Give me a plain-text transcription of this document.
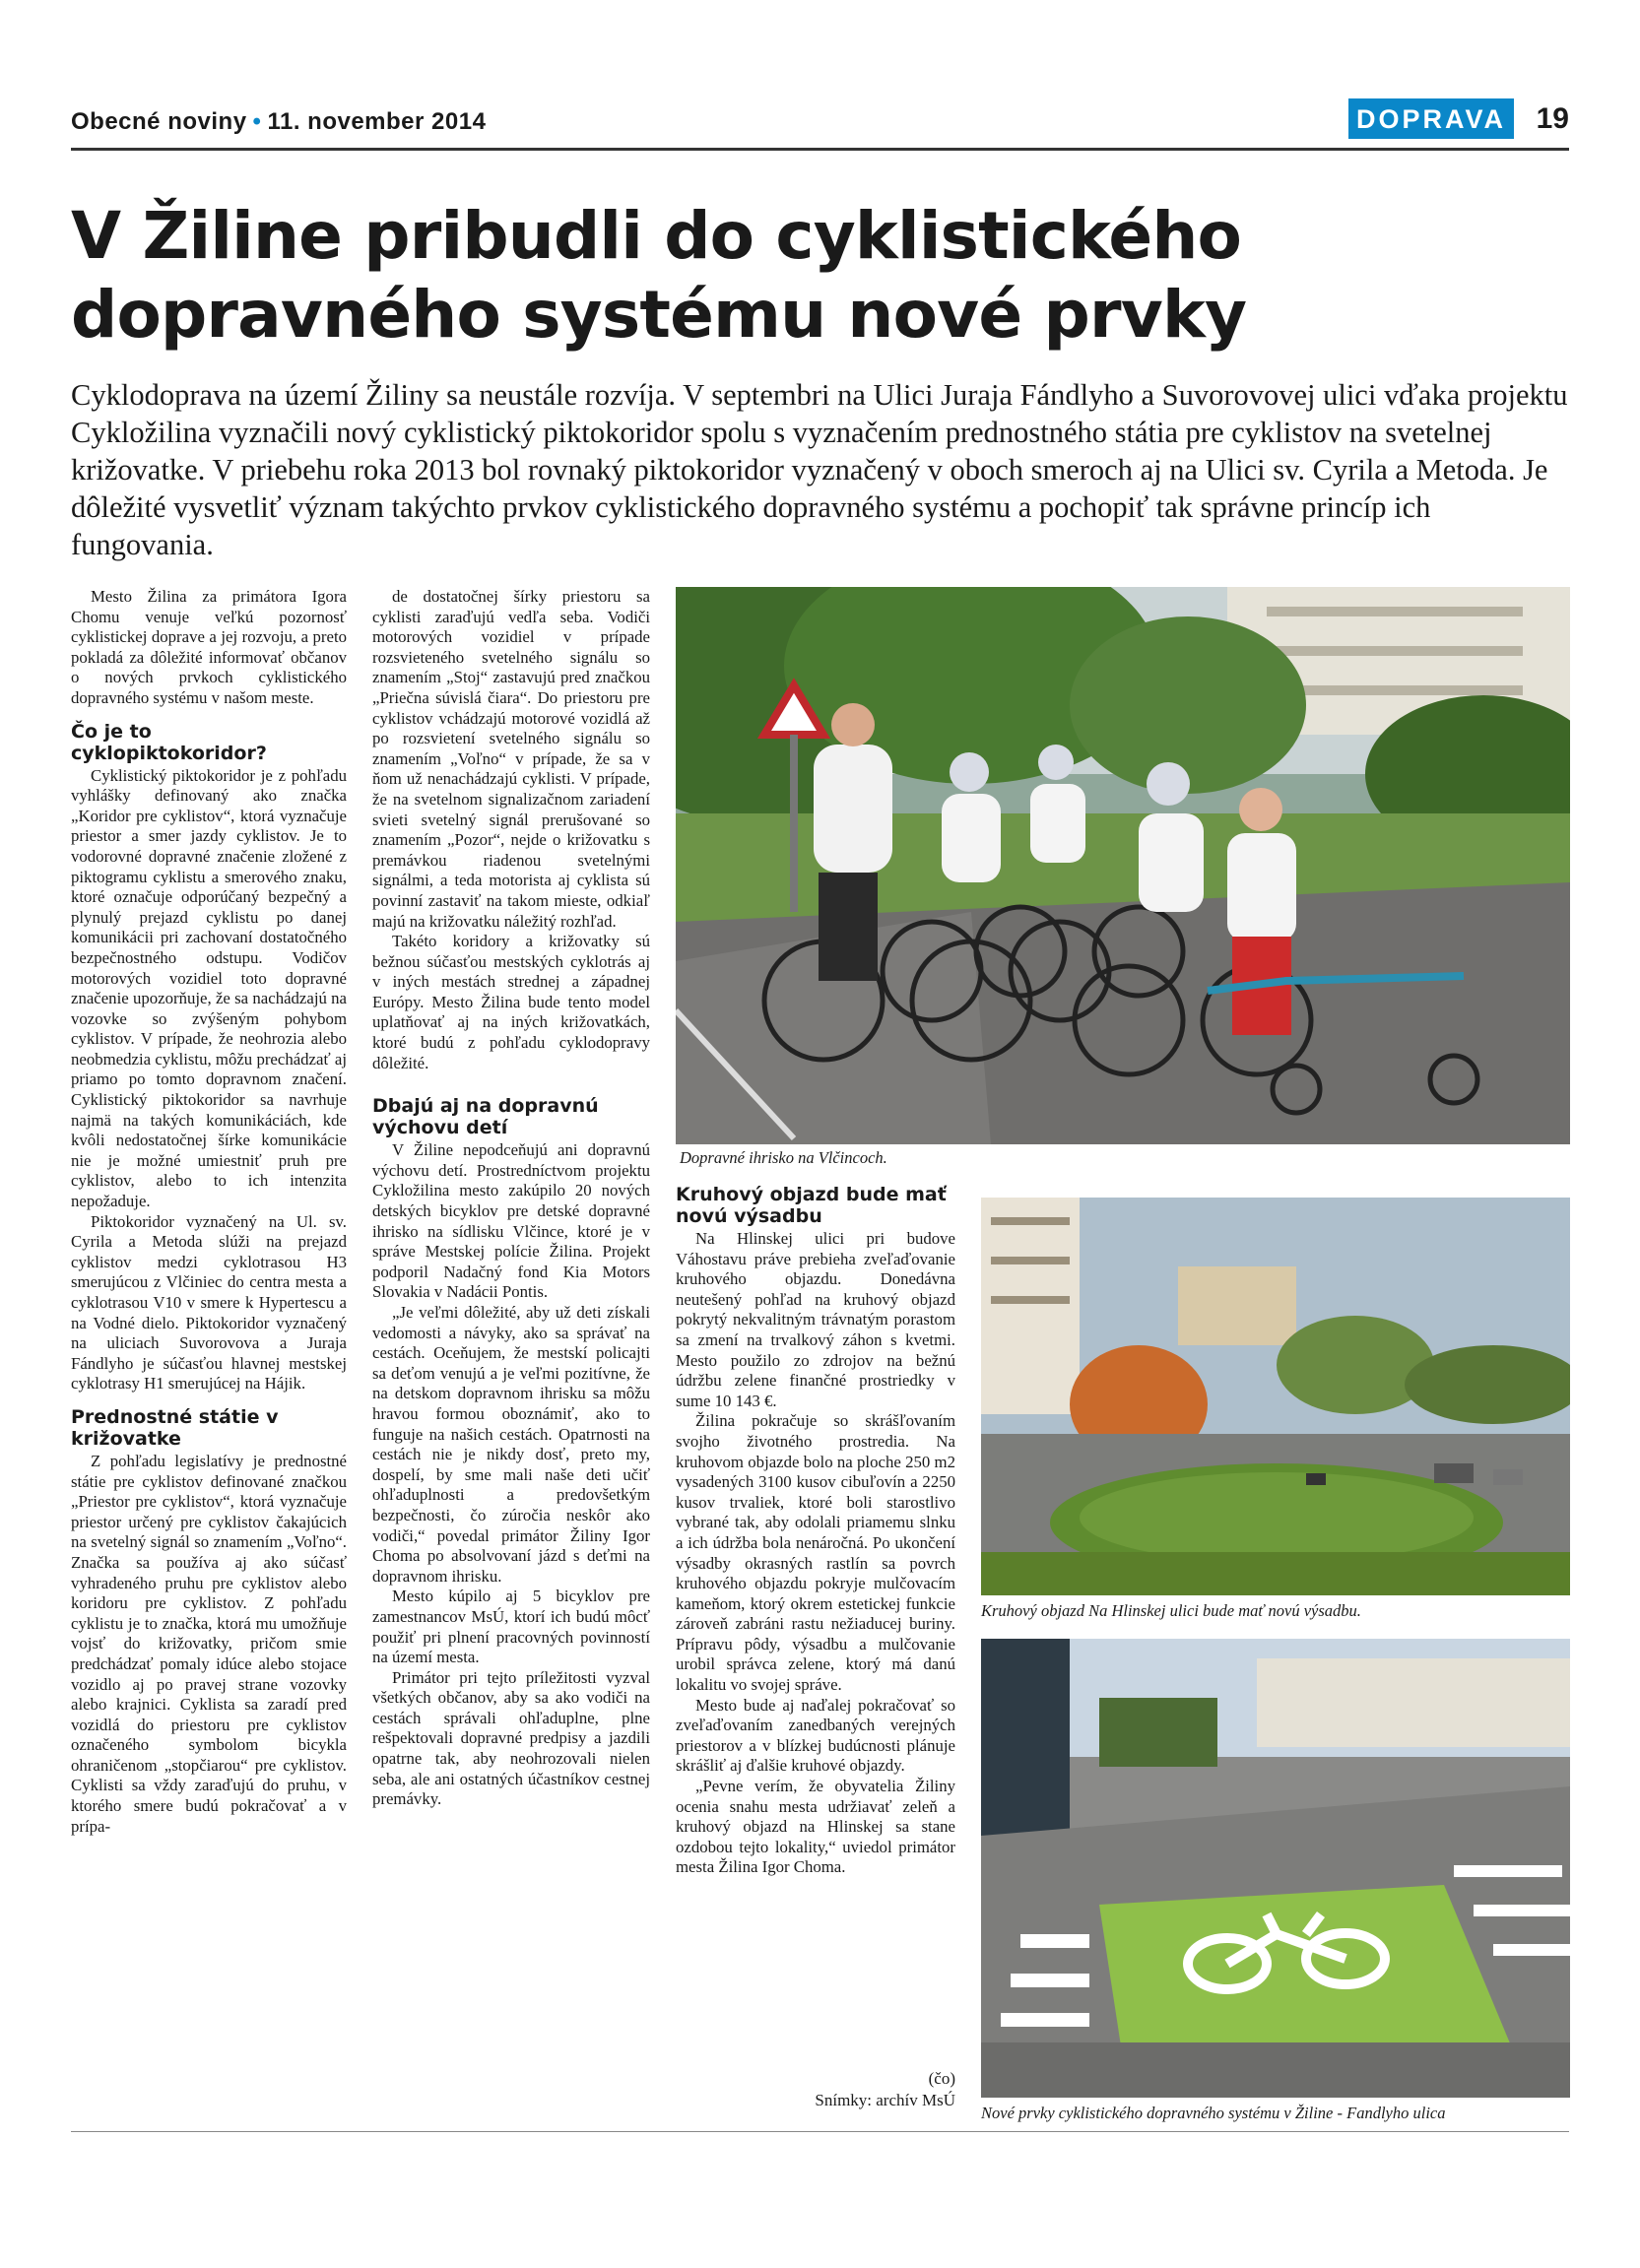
Obecné noviny • 11. november 2014	DOPRAVA 19
V Žiline pribudli do cyklistického
dopravného systému nové prvky

Cyklodoprava na území Žiliny sa neustále rozvíja. V septembri na Ulici Juraja Fándlyho a Suvorovovej ulici vďaka projektu Cykložilina vyznačili nový cyklistický piktokoridor spolu s vyznačením prednostného státia pre cyklistov na svetelnej križovatke. V priebehu roka 2013 bol rovnaký piktokoridor vyznačený v oboch smeroch aj na Ulici sv. Cyrila a Metoda. Je dôležité vysvetliť význam takýchto prvkov cyklistického dopravného systému a pochopiť tak správne princíp ich fungovania.

Mesto Žilina za primátora Igora Chomu venuje veľkú pozornosť cyklistickej doprave a jej rozvoju, a preto pokladá za dôležité informovať občanov o nových prvkoch cyklistického dopravného systému v našom meste.

Čo je to cyklopiktokoridor?

Cyklistický piktokoridor je z pohľadu vyhlášky definovaný ako značka „Koridor pre cyklistov“, ktorá vyznačuje priestor a smer jazdy cyklistov. Je to vodorovné dopravné značenie zložené z piktogramu cyklistu a smerového znaku, ktoré označuje odporúčaný bezpečný a plynulý prejazd cyklistu po danej komunikácii pri zachovaní dostatočného bezpečnostného odstupu. Vodičov motorových vozidiel toto dopravné značenie upozorňuje, že sa nachádzajú na vozovke so zvýšeným pohybom cyklistov. V prípade, že neohrozia alebo neobmedzia cyklistu, môžu prechádzať aj priamo po tomto dopravnom značení. Cyklistický piktokoridor sa navrhuje najmä na takých komunikáciách, kde kvôli nedostatočnej šírke komunikácie nie je možné umiestniť pruh pre cyklistov, alebo to ich intenzita nepožaduje.

Piktokoridor vyznačený na Ul. sv. Cyrila a Metoda slúži na prejazd cyklistov medzi cyklotrasou H3 smerujúcou z Vlčiniec do centra mesta a cyklotrasou V10 v smere k Hypertescu a na Vodné dielo. Piktokoridor vyznačený na uliciach Suvorovova a Juraja Fándlyho je súčasťou hlavnej mestskej cyklotrasy H1 smerujúcej na Hájik.

Prednostné státie v križovatke

Z pohľadu legislatívy je prednostné státie pre cyklistov definované značkou „Priestor pre cyklistov“, ktorá vyznačuje priestor určený pre cyklistov čakajúcich na svetelný signál so znamením „Voľno“. Značka sa používa aj ako súčasť vyhradeného pruhu pre cyklistov alebo koridoru pre cyklistov. Z pohľadu cyklistu je to značka, ktorá mu umožňuje vojsť do križovatky, pričom smie predchádzať pomaly idúce alebo stojace vozidlo aj po pravej strane vozovky alebo krajnici. Cyklista sa zaradí pred vozidlá do priestoru pre cyklistov označeného symbolom bicykla ohraničenom „stopčiarou“ pre cyklistov. Cyklisti sa vždy zaraďujú do pruhu, v ktorého smere budú pokračovať a v prípa-

de dostatočnej šírky priestoru sa cyklisti zaraďujú vedľa seba. Vodiči motorových vozidiel v prípade rozsvieteného svetelného signálu so znamením „Stoj“ zastavujú pred značkou „Priečna súvislá čiara“. Do priestoru pre cyklistov vchádzajú motorové vozidlá až po rozsvietení svetelného signálu so znamením „Voľno“ v prípade, že sa v ňom už nenachádzajú cyklisti. V prípade, že na svetelnom signalizačnom zariadení svieti svetelný signál prerušované so znamením „Pozor“, nejde o križovatku s premávkou riadenou svetelnými signálmi, a teda motorista aj cyklista sú povinní zastaviť na takom mieste, odkiaľ majú na križovatku náležitý rozhľad.

Takéto koridory a križovatky sú bežnou súčasťou mestských cyklotrás aj v iných mestách strednej a západnej Európy. Mesto Žilina bude tento model uplatňovať aj na iných križovatkách, ktoré budú z pohľadu cyklodopravy dôležité.

Dbajú aj na dopravnú výchovu detí

V Žiline nepodceňujú ani dopravnú výchovu detí. Prostredníctvom projektu Cykložilina mesto zakúpilo 20 nových detských bicyklov pre detské dopravné ihrisko na sídlisku Vlčince, ktoré je v správe Mestskej polície Žilina. Projekt podporil Nadačný fond Kia Motors Slovakia v Nadácii Pontis.

„Je veľmi dôležité, aby už deti získali vedomosti a návyky, ako sa správať na cestách. Oceňujem, že mestskí policajti sa deťom venujú a je veľmi pozitívne, že na detskom dopravnom ihrisku sa môžu hravou formou oboznámiť, ako to funguje na našich cestách. Opatrnosti na cestách nie je nikdy dosť, preto my, dospelí, by sme mali naše deti učiť ohľaduplnosti a predovšetkým bezpečnosti, čo zúročia neskôr ako vodiči,“ povedal primátor Žiliny Igor Choma po absolvovaní jázd s deťmi na dopravnom ihrisku.

Mesto kúpilo aj 5 bicyklov pre zamestnancov MsÚ, ktorí ich budú môcť použiť pri plnení pracovných povinností na území mesta.

Primátor pri tejto príležitosti vyzval všetkých občanov, aby sa ako vodiči na cestách správali ohľaduplne, plne rešpektovali dopravné predpisy a jazdili opatrne tak, aby neohrozovali nielen seba, ale ani ostatných účastníkov cestnej premávky.

Kruhový objazd bude mať novú výsadbu

Na Hlinskej ulici pri budove Váhostavu práve prebieha zveľaďovanie kruhového objazdu. Donedávna neutešený pohľad na kruhový objazd pokrytý nekvalitným trávnatým porastom sa zmení na trvalkový záhon s kvetmi. Mesto použilo zo zdrojov na bežnú údržbu zelene finančné prostriedky v sume 10 143 €.

Žilina pokračuje so skrášľovaním svojho životného prostredia. Na kruhovom objazde bolo na ploche 250 m2 vysadených 3100 kusov cibuľovín a 2250 kusov trvaliek, ktoré boli starostlivo vybrané tak, aby odolali priamemu slnku a ich údržba bola nenáročná. Po ukončení výsadby okrasných rastlín sa povrch kruhového objazdu pokryje mulčovacím kameňom, ktorý okrem estetickej funkcie zároveň zabráni rastu nežiaducej buriny. Prípravu pôdy, výsadbu a mulčovanie urobil správca zelene, ktorý má danú lokalitu vo svojej správe.

Mesto bude aj naďalej pokračovať so zveľaďovaním zanedbaných verejných priestorov a v blízkej budúcnosti plánuje skrášliť aj ďalšie kruhové objazdy.

„Pevne verím, že obyvatelia Žiliny ocenia snahu mesta udržiavať zeleň a kruhový objazd na Hlinskej sa stane ozdobou tejto lokality,“ uviedol primátor mesta Žilina Igor Choma.

(čo)
Snímky: archív MsÚ
Dopravné ihrisko na Vlčincoch.
Kruhový objazd Na Hlinskej ulici bude mať novú výsadbu.
Nové prvky cyklistického dopravného systému v Žiline - Fandlyho ulica
